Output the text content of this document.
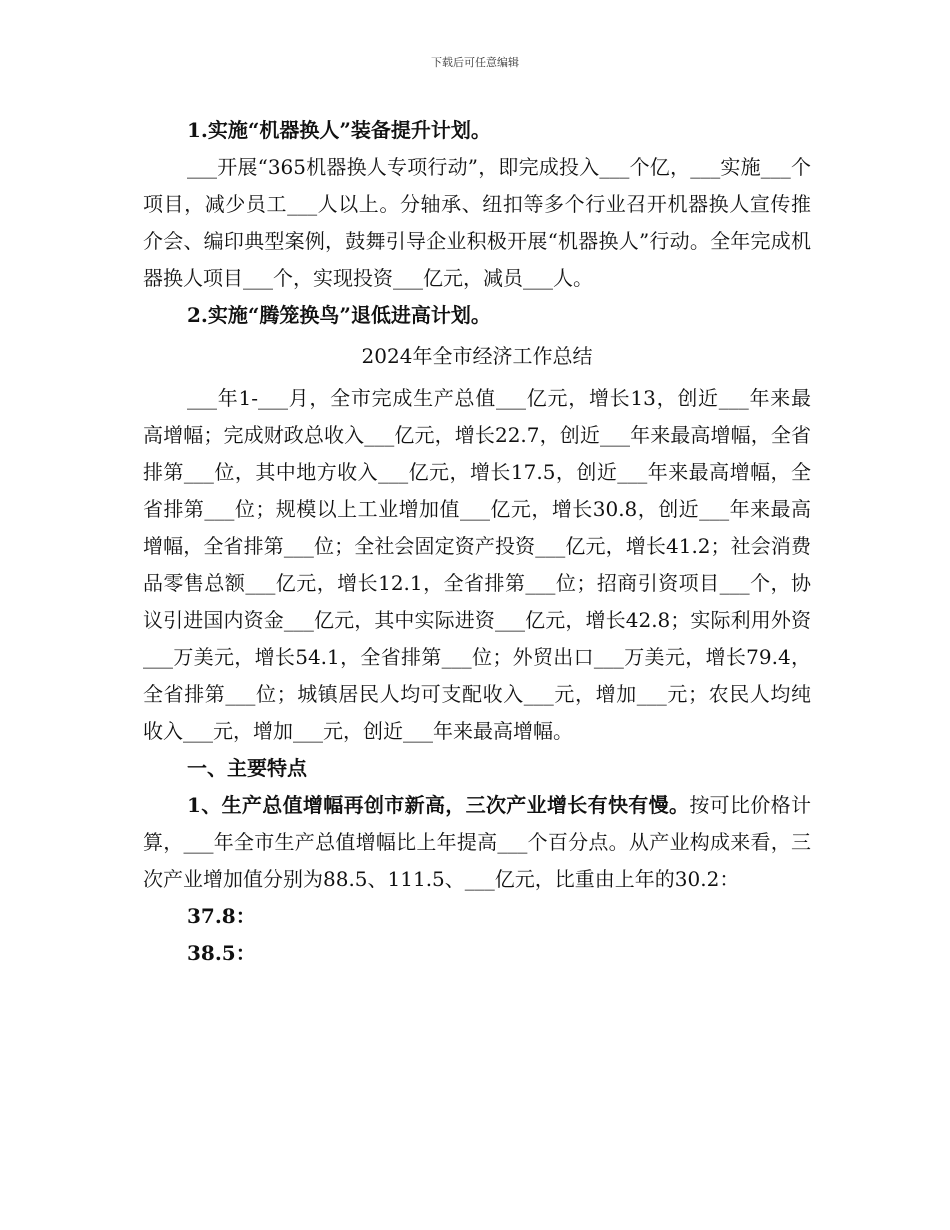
下载后可任意编辑
1.实施“机器换人”装备提升计划。

___开展“365机器换人专项行动”，即完成投入___个亿，___实施___个项目，减少员工___人以上。分轴承、纽扣等多个行业召开机器换人宣传推介会、编印典型案例，鼓舞引导企业积极开展“机器换人”行动。全年完成机器换人项目___个，实现投资___亿元，减员___人。

2.实施“腾笼换鸟”退低进高计划。
2024年全市经济工作总结

___年1-___月，全市完成生产总值___亿元，增长13，创近___年来最高增幅；完成财政总收入___亿元，增长22.7，创近___年来最高增幅，全省排第___位，其中地方收入___亿元，增长17.5，创近___年来最高增幅，全省排第___位；规模以上工业增加值___亿元，增长30.8，创近___年来最高增幅，全省排第___位；全社会固定资产投资___亿元，增长41.2；社会消费品零售总额___亿元，增长12.1，全省排第___位；招商引资项目___个，协议引进国内资金___亿元，其中实际进资___亿元，增长42.8；实际利用外资___万美元，增长54.1，全省排第___位；外贸出口___万美元，增长79.4，全省排第___位；城镇居民人均可支配收入___元，增加___元；农民人均纯收入___元，增加___元，创近___年来最高增幅。

一、主要特点

1、生产总值增幅再创市新高，三次产业增长有快有慢。按可比价格计算，___年全市生产总值增幅比上年提高___个百分点。从产业构成来看，三次产业增加值分别为88.5、111.5、___亿元，比重由上年的30.2：

37.8：
38.5：
